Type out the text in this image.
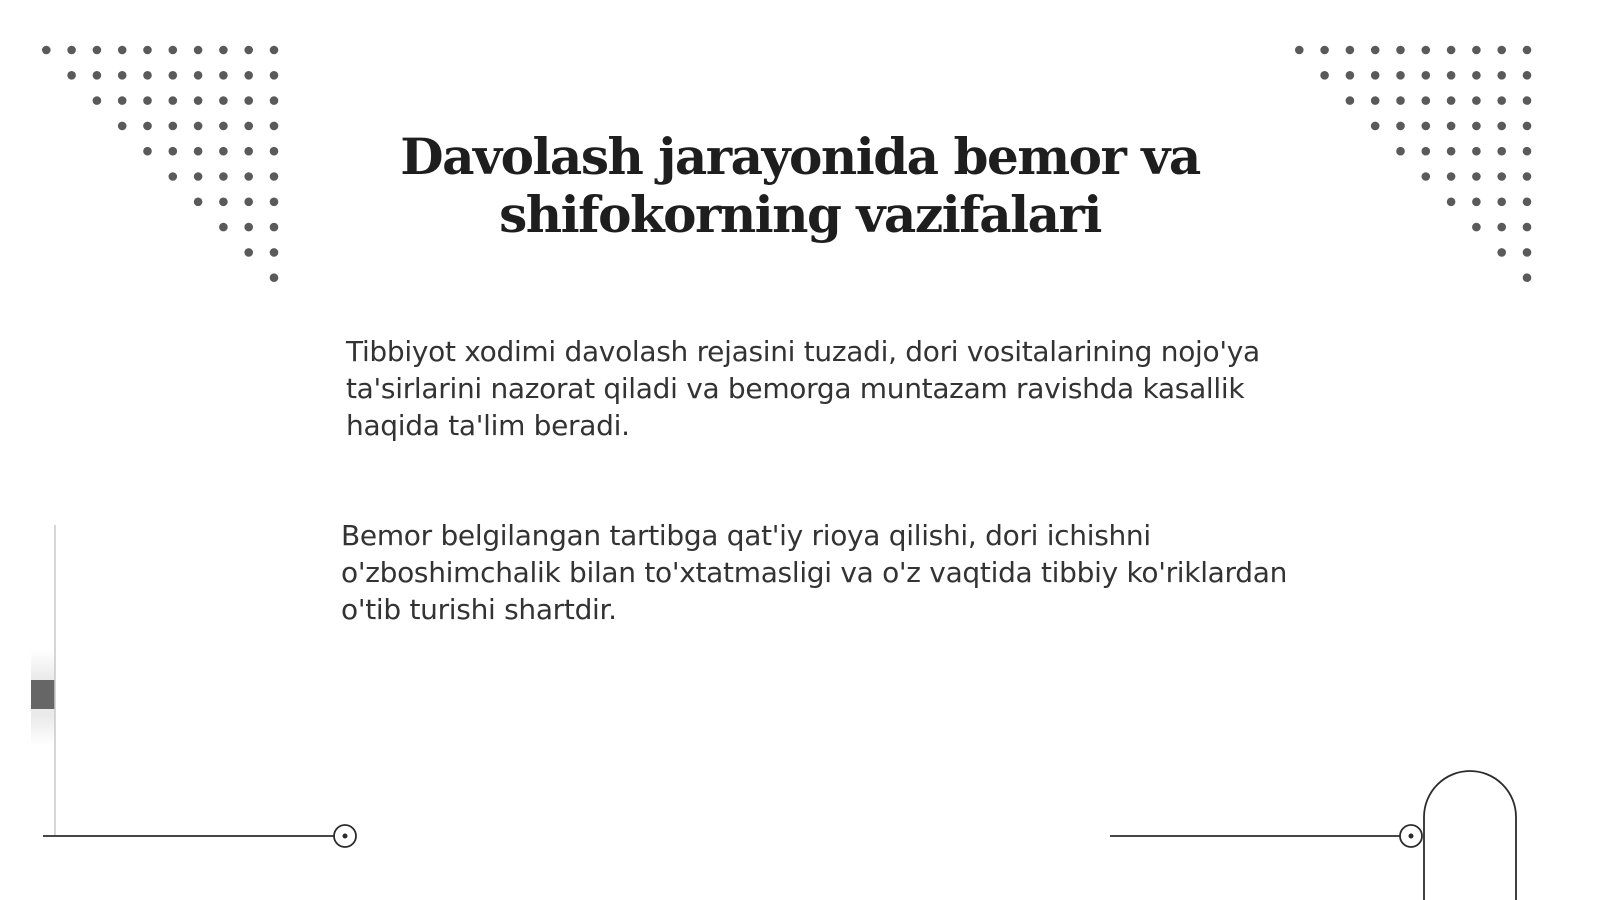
Davolash jarayonida bemor va shifokorning vazifalari

Tibbiyot xodimi davolash rejasini tuzadi, dori vositalarining nojo'ya ta'sirlarini nazorat qiladi va bemorga muntazam ravishda kasallik haqida ta'lim beradi.

Bemor belgilangan tartibga qat'iy rioya qilishi, dori ichishni o'zboshimchalik bilan to'xtatmasligi va o'z vaqtida tibbiy ko'riklardan o'tib turishi shartdir.
